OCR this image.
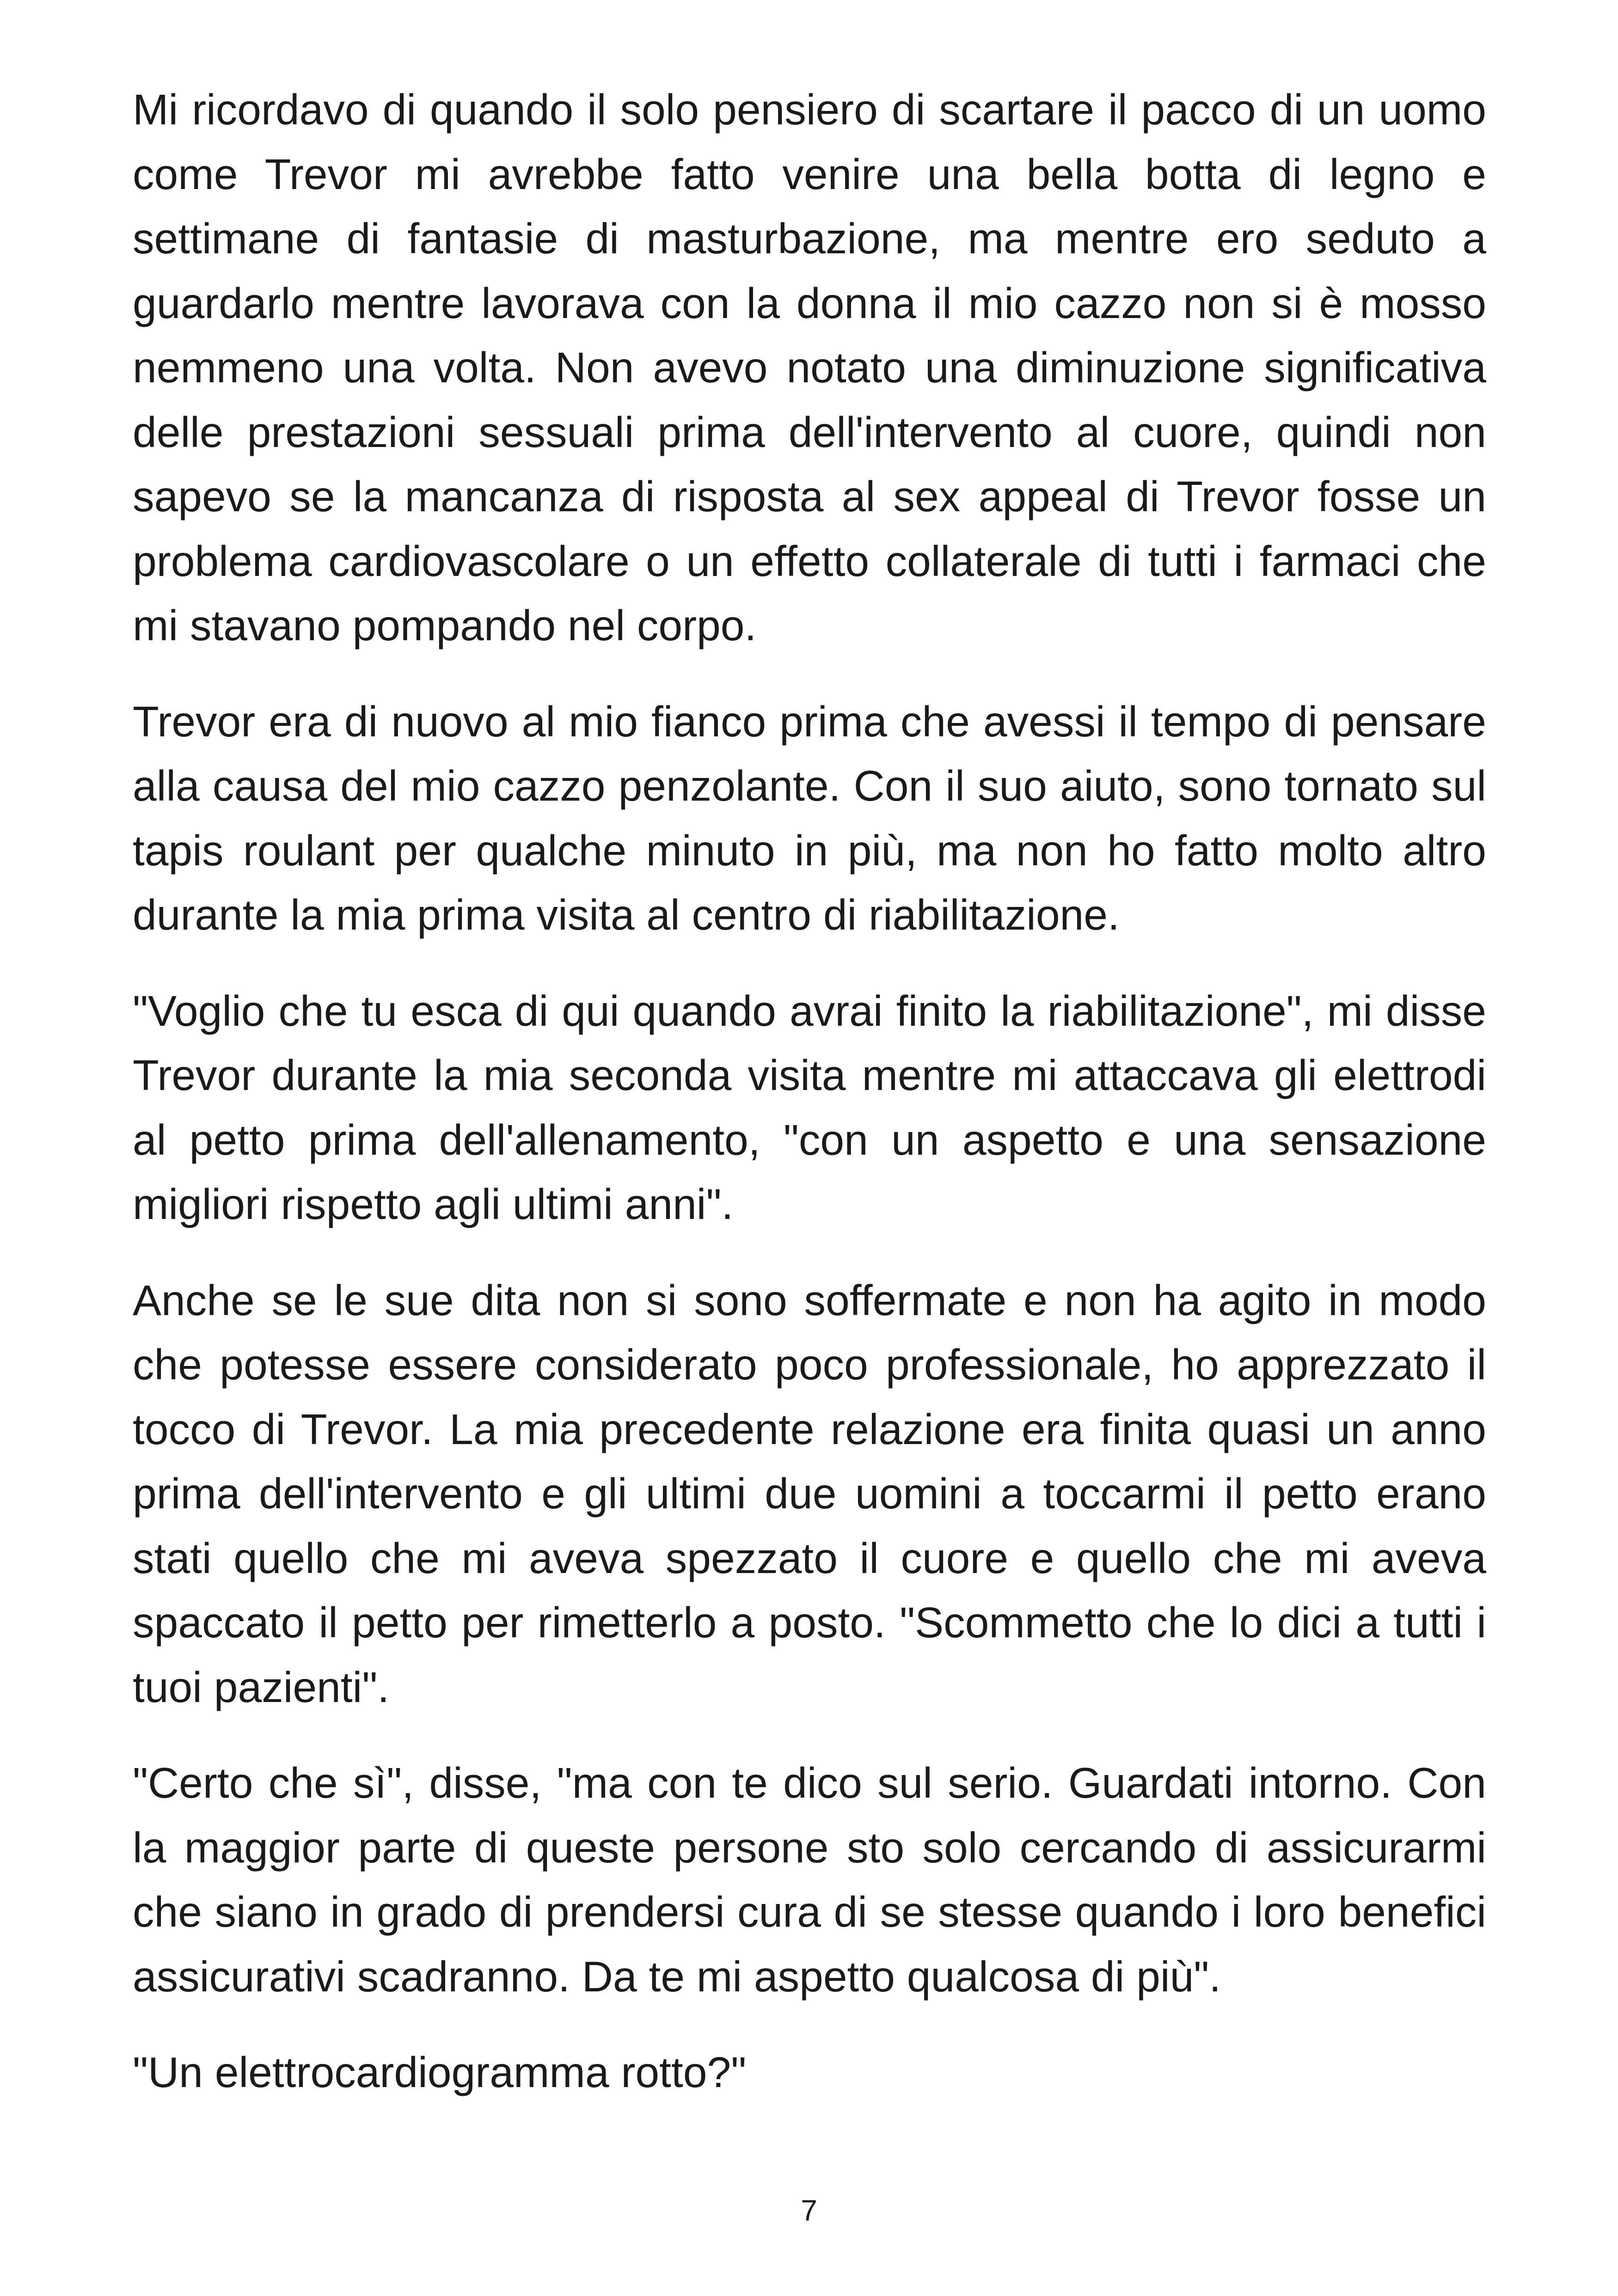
Mi ricordavo di quando il solo pensiero di scartare il pacco di un uomo come Trevor mi avrebbe fatto venire una bella botta di legno e settimane di fantasie di masturbazione, ma mentre ero seduto a guardarlo mentre lavorava con la donna il mio cazzo non si è mosso nemmeno una volta. Non avevo notato una diminuzione significativa delle prestazioni sessuali prima dell'intervento al cuore, quindi non sapevo se la mancanza di risposta al sex appeal di Trevor fosse un problema cardiovascolare o un effetto collaterale di tutti i farmaci che mi stavano pompando nel corpo.

Trevor era di nuovo al mio fianco prima che avessi il tempo di pensare alla causa del mio cazzo penzolante. Con il suo aiuto, sono tornato sul tapis roulant per qualche minuto in più, ma non ho fatto molto altro durante la mia prima visita al centro di riabilitazione.

"Voglio che tu esca di qui quando avrai finito la riabilitazione", mi disse Trevor durante la mia seconda visita mentre mi attaccava gli elettrodi al petto prima dell'allenamento, "con un aspetto e una sensazione migliori rispetto agli ultimi anni".

Anche se le sue dita non si sono soffermate e non ha agito in modo che potesse essere considerato poco professionale, ho apprezzato il tocco di Trevor. La mia precedente relazione era finita quasi un anno prima dell'intervento e gli ultimi due uomini a toccarmi il petto erano stati quello che mi aveva spezzato il cuore e quello che mi aveva spaccato il petto per rimetterlo a posto. "Scommetto che lo dici a tutti i tuoi pazienti".

"Certo che sì", disse, "ma con te dico sul serio. Guardati intorno. Con la maggior parte di queste persone sto solo cercando di assicurarmi che siano in grado di prendersi cura di se stesse quando i loro benefici assicurativi scadranno. Da te mi aspetto qualcosa di più".

"Un elettrocardiogramma rotto?"

7
